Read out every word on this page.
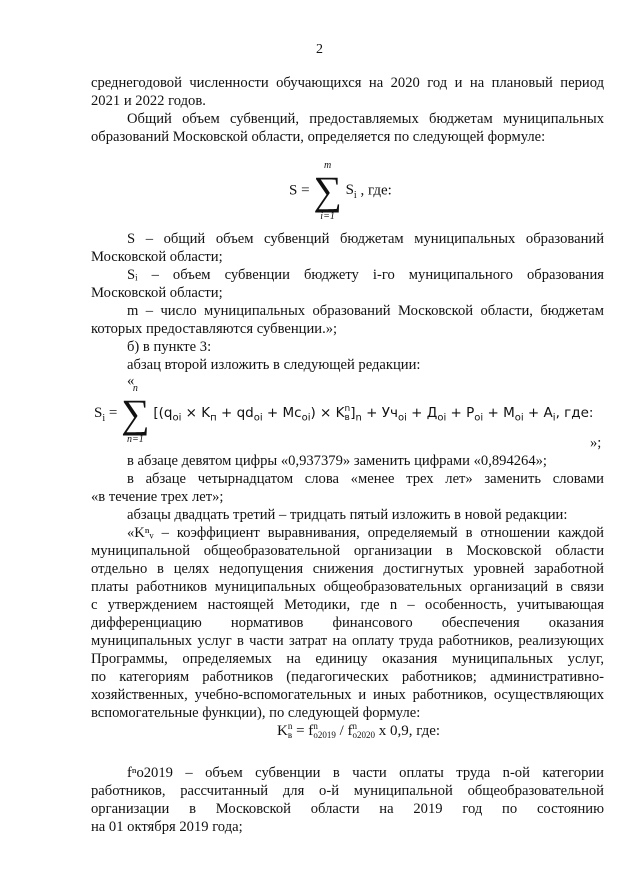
2
среднегодовой численности обучающихся на 2020 год и на плановый период
2021 и 2022 годов.
Общий объем субвенций, предоставляемых бюджетам муниципальных
образований Московской области, определяется по следующей формуле:
S =
m
∑
i=1
$S_i$ , где:
S – общий объем субвенций бюджетам муниципальных образований
Московской области;
Sᵢ – объем субвенции бюджету i-го муниципального образования
Московской области;
m – число муниципальных образований Московской области, бюджетам
которых предоставляются субвенции.»;
б) в пункте 3:
абзац второй изложить в следующей редакции:
«
$S_i$ =
n
∑
n=1
[$(q_{oi} \times K_п + qd_{oi} + Mc_{oi}) \times K$ n
в ]$_n + Уч_{oi} + Д_{oi} + P_{oi} + M_{oi} + A_i$, где:
»;
в абзаце девятом цифры «0,937379» заменить цифрами «0,894264»;
в абзаце четырнадцатом слова «менее трех лет» заменить словами
«в течение трех лет»;
абзацы двадцать третий – тридцать пятый изложить в новой редакции:
«Kⁿᵥ – коэффициент выравнивания, определяемый в отношении каждой
муниципальной общеобразовательной организации в Московской области
отдельно в целях недопущения снижения достигнутых уровней заработной
платы работников муниципальных общеобразовательных организаций в связи
с утверждением настоящей Методики, где n – особенность, учитывающая
дифференциацию нормативов финансового обеспечения оказания
муниципальных услуг в части затрат на оплату труда работников, реализующих
Программы, определяемых на единицу оказания муниципальных услуг,
по категориям работников (педагогических работников; административно-
хозяйственных, учебно-вспомогательных и иных работников, осуществляющих
вспомогательные функции), по следующей формуле:
K n
в = f n
o2019 / f n
o2020 x 0,9, где:
fⁿо2019 – объем субвенции в части оплаты труда n-ой категории
работников, рассчитанный для о-й муниципальной общеобразовательной
организации в Московской области на 2019 год по состоянию
на 01 октября 2019 года;
